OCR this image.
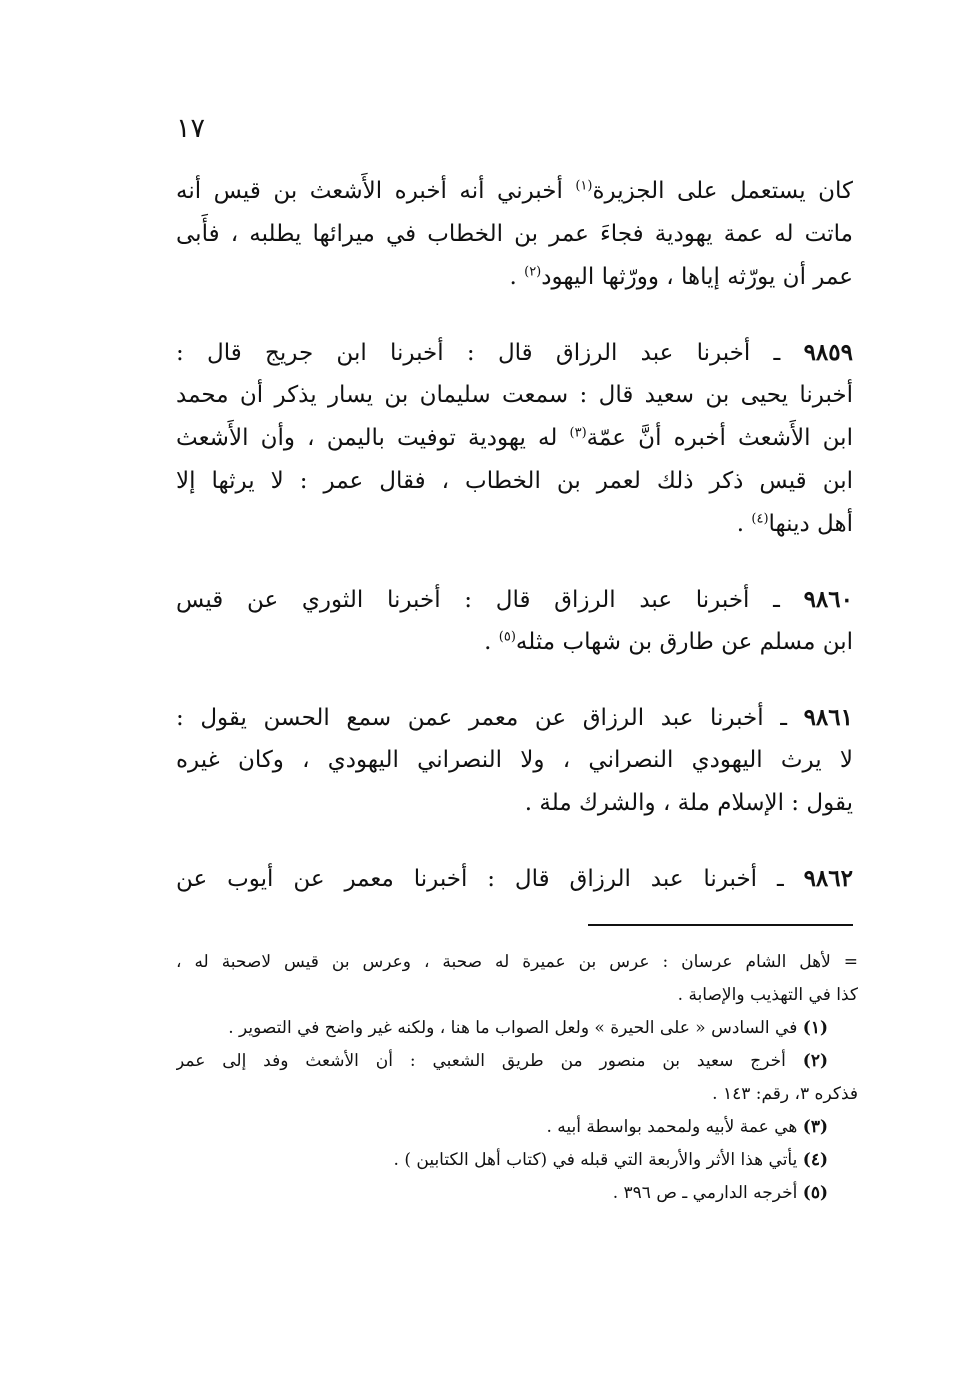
١٧
كان يستعمل على الجزيرة$^{(١)}$ أخبرني أنه أخبره الأَشعث بن قيس أنه
ماتت له عمة يهودية فجاءَ عمر بن الخطاب في ميرائها يطلبه ، فأَبى
عمر أن يورّثه إياها ، وورّثها اليهود$^{(٢)}$ .
٩٨٥٩ ـ أخبرنا عبد الرزاق قال : أخبرنا ابن جريج قال :
أخبرنا يحيى بن سعيد قال : سمعت سليمان بن يسار يذكر أن محمد
ابن الأَشعث أخبره أنَّ عمّة$^{(٣)}$ له يهودية توفيت باليمن ، وأن الأَشعث
ابن قيس ذكر ذلك لعمر بن الخطاب ، فقال عمر : لا يرثها إلا
أهل دينها$^{(٤)}$ .
٩٨٦٠ ـ أخبرنا عبد الرزاق قال : أخبرنا الثوري عن قيس
ابن مسلم عن طارق بن شهاب مثله$^{(٥)}$ .
٩٨٦١ ـ أخبرنا عبد الرزاق عن معمر عمن سمع الحسن يقول :
لا يرث اليهودي النصراني ، ولا النصراني اليهودي ، وكان غيره
يقول : الإسلام ملة ، والشرك ملة .
٩٨٦٢ ـ أخبرنا عبد الرزاق قال : أخبرنا معمر عن أيوب عن
= لأهل الشام عرسان : عرس بن عميرة له صحبة ، وعرس بن قيس لاصحبة له ،
كذا في التهذيب والإصابة .
(١) في السادس « على الحيرة » ولعل الصواب ما هنا ، ولكنه غير واضح في التصوير .
(٢) أخرج سعيد بن منصور من طريق الشعبي : أن الأشعث وفد إلى عمر
فذكره ٣، رقم: ١٤٣ .
(٣) هي عمة لأبيه ولمحمد بواسطة أبيه .
(٤) يأتي هذا الأثر والأربعة التي قبله في (كتاب أهل الكتابين ) .
(٥) أخرجه الدارمي ـ ص ٣٩٦ .
